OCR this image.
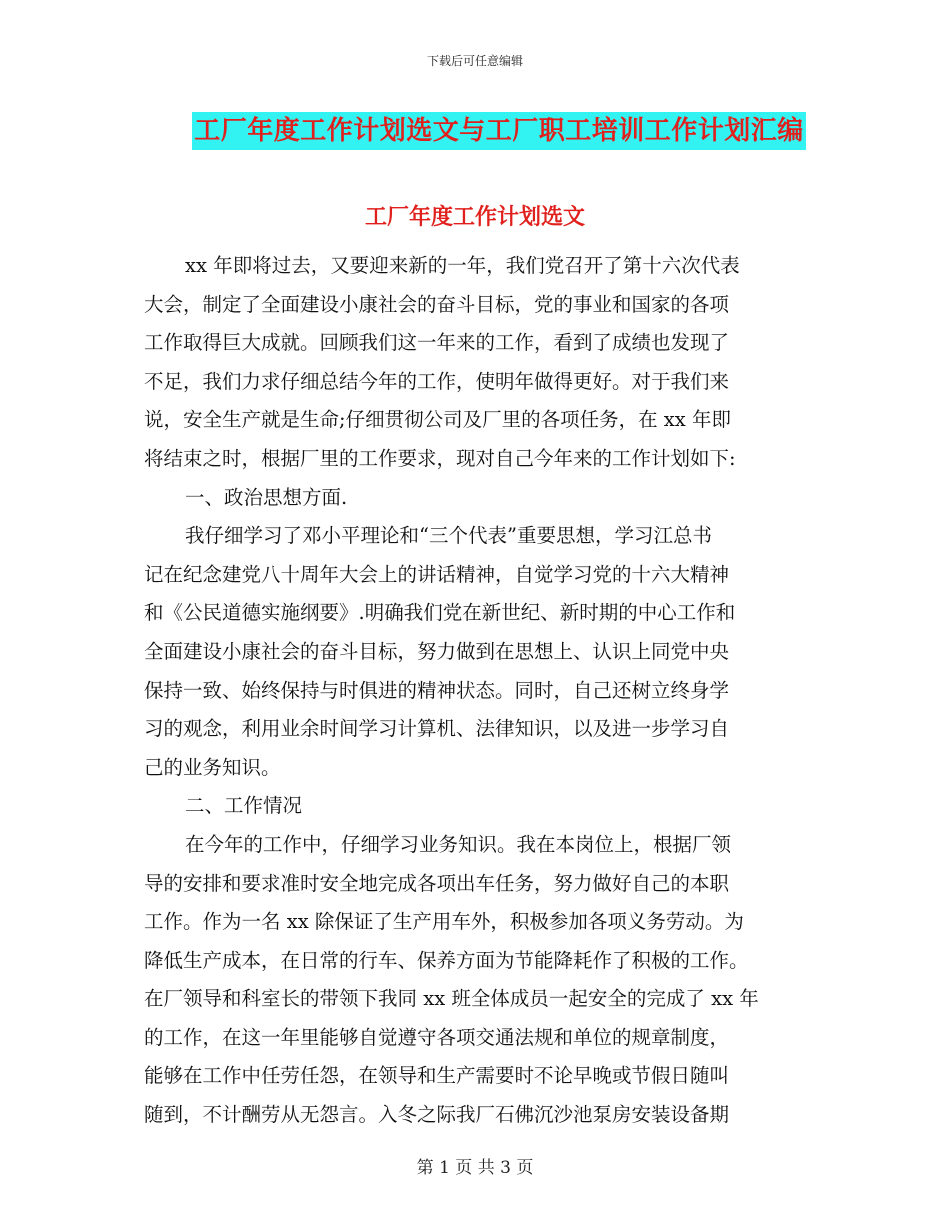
下载后可任意编辑
工厂年度工作计划选文与工厂职工培训工作计划汇编
工厂年度工作计划选文
xx 年即将过去，又要迎来新的一年，我们党召开了第十六次代表
大会，制定了全面建设小康社会的奋斗目标，党的事业和国家的各项
工作取得巨大成就。回顾我们这一年来的工作，看到了成绩也发现了
不足，我们力求仔细总结今年的工作，使明年做得更好。对于我们来
说，安全生产就是生命;仔细贯彻公司及厂里的各项任务，在 xx 年即
将结束之时，根据厂里的工作要求，现对自己今年来的工作计划如下:
一、政治思想方面.
我仔细学习了邓小平理论和“三个代表”重要思想，学习江总书
记在纪念建党八十周年大会上的讲话精神，自觉学习党的十六大精神
和《公民道德实施纲要》.明确我们党在新世纪、新时期的中心工作和
全面建设小康社会的奋斗目标，努力做到在思想上、认识上同党中央
保持一致、始终保持与时俱进的精神状态。同时，自己还树立终身学
习的观念，利用业余时间学习计算机、法律知识，以及进一步学习自
己的业务知识。
二、工作情况
在今年的工作中，仔细学习业务知识。我在本岗位上，根据厂领
导的安排和要求准时安全地完成各项出车任务，努力做好自己的本职
工作。作为一名 xx 除保证了生产用车外，积极参加各项义务劳动。为
降低生产成本，在日常的行车、保养方面为节能降耗作了积极的工作。
在厂领导和科室长的带领下我同 xx 班全体成员一起安全的完成了 xx 年
的工作，在这一年里能够自觉遵守各项交通法规和单位的规章制度，
能够在工作中任劳任怨，在领导和生产需要时不论早晚或节假日随叫
随到，不计酬劳从无怨言。入冬之际我厂石佛沉沙池泵房安装设备期
第 1 页 共 3 页
